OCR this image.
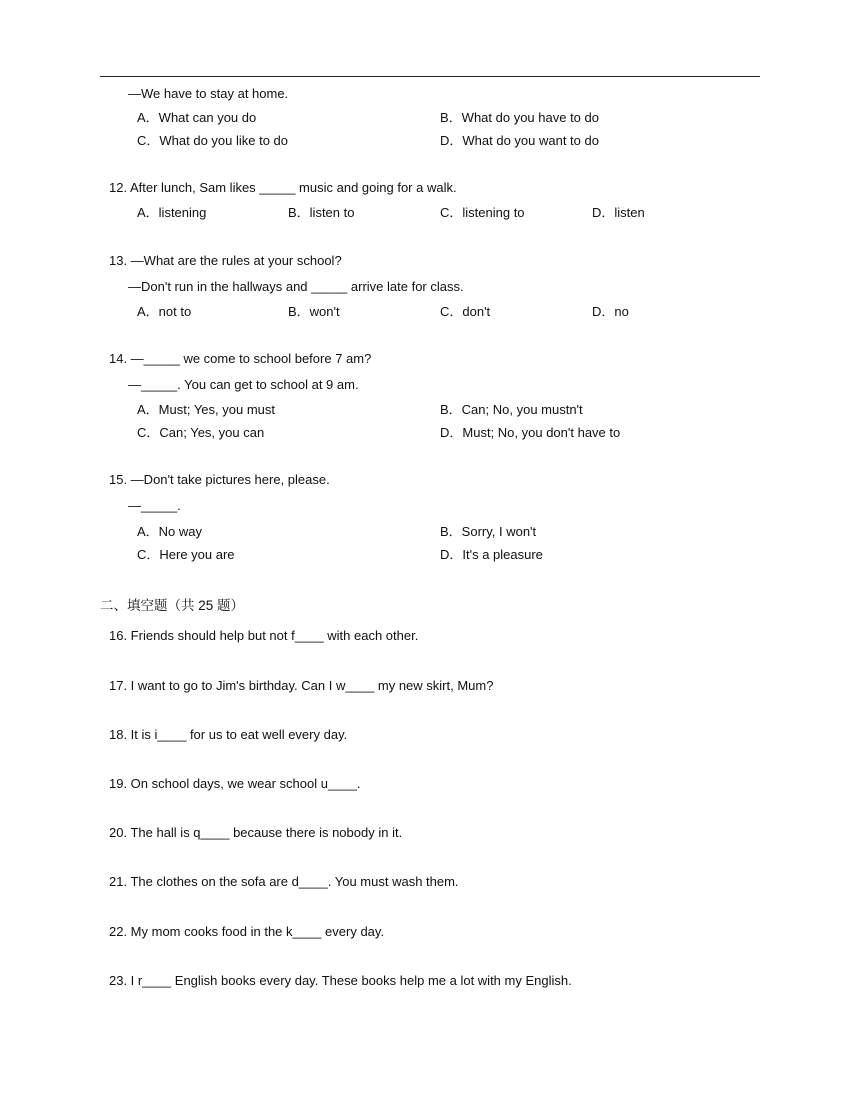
—We have to stay at home.
A．What can you do	B．What do you have to do
C．What do you like to do	D．What do you want to do
12. After lunch, Sam likes _____ music and going for a walk.
A．listening	B．listen to	C．listening to	D．listen
13. —What are the rules at your school?
—Don't run in the hallways and _____ arrive late for class.
A．not to	B．won't	C．don't	D．no
14. —_____ we come to school before 7 am?
—_____. You can get to school at 9 am.
A．Must; Yes, you must	B．Can; No, you mustn't
C．Can; Yes, you can	D．Must; No, you don't have to
15. —Don't take pictures here, please.
—_____.
A．No way	B．Sorry, I won't
C．Here you are	D．It's a pleasure
二、填空题（共 25 题）
16. Friends should help but not f____ with each other.
17. I want to go to Jim's birthday. Can I w____ my new skirt, Mum?
18. It is i____ for us to eat well every day.
19. On school days, we wear school u____.
20. The hall is q____ because there is nobody in it.
21. The clothes on the sofa are d____. You must wash them.
22. My mom cooks food in the k____ every day.
23. I r____ English books every day. These books help me a lot with my English.
